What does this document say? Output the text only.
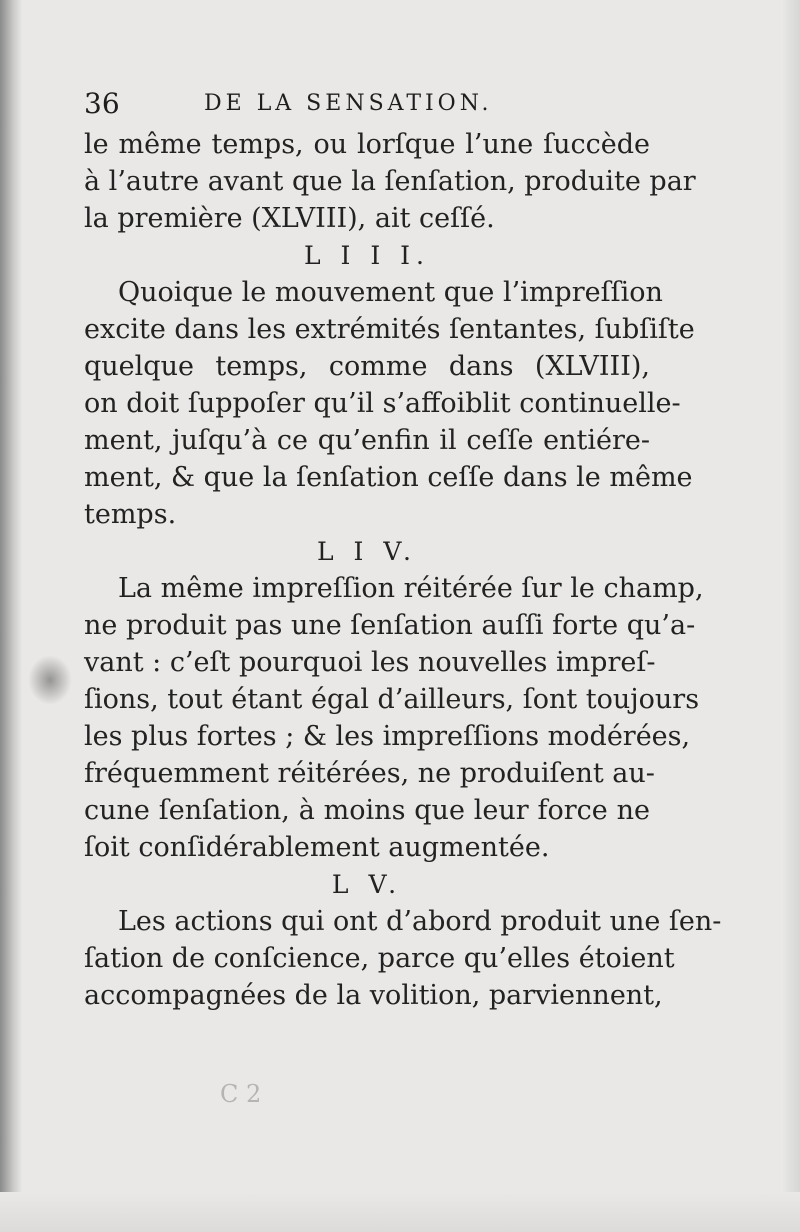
36	DE LA SENSATION.
le même temps, ou lorſque l’une ſuccède
à l’autre avant que la ſenſation, produite par
la première (XLVIII), ait ceſſé.
L I I I.
Quoique le mouvement que l’impreſſion
excite dans les extrémités ſentantes, ſubſiſte
quelque temps, comme dans (XLVIII),
on doit ſuppoſer qu’il s’affoiblit continuelle-
ment, juſqu’à ce qu’enfin il ceſſe entiére-
ment, & que la ſenſation ceſſe dans le même
temps.
L I V.
La même impreſſion réitérée ſur le champ,
ne produit pas une ſenſation auſſi forte qu’a-
vant : c’eſt pourquoi les nouvelles impreſ-
ſions, tout étant égal d’ailleurs, ſont toujours
les plus fortes ; & les impreſſions modérées,
fréquemment réitérées, ne produiſent au-
cune ſenſation, à moins que leur force ne
ſoit conſidérablement augmentée.
L V.
Les actions qui ont d’abord produit une ſen-
ſation de conſcience, parce qu’elles étoient
accompagnées de la volition, parviennent,
C 2
